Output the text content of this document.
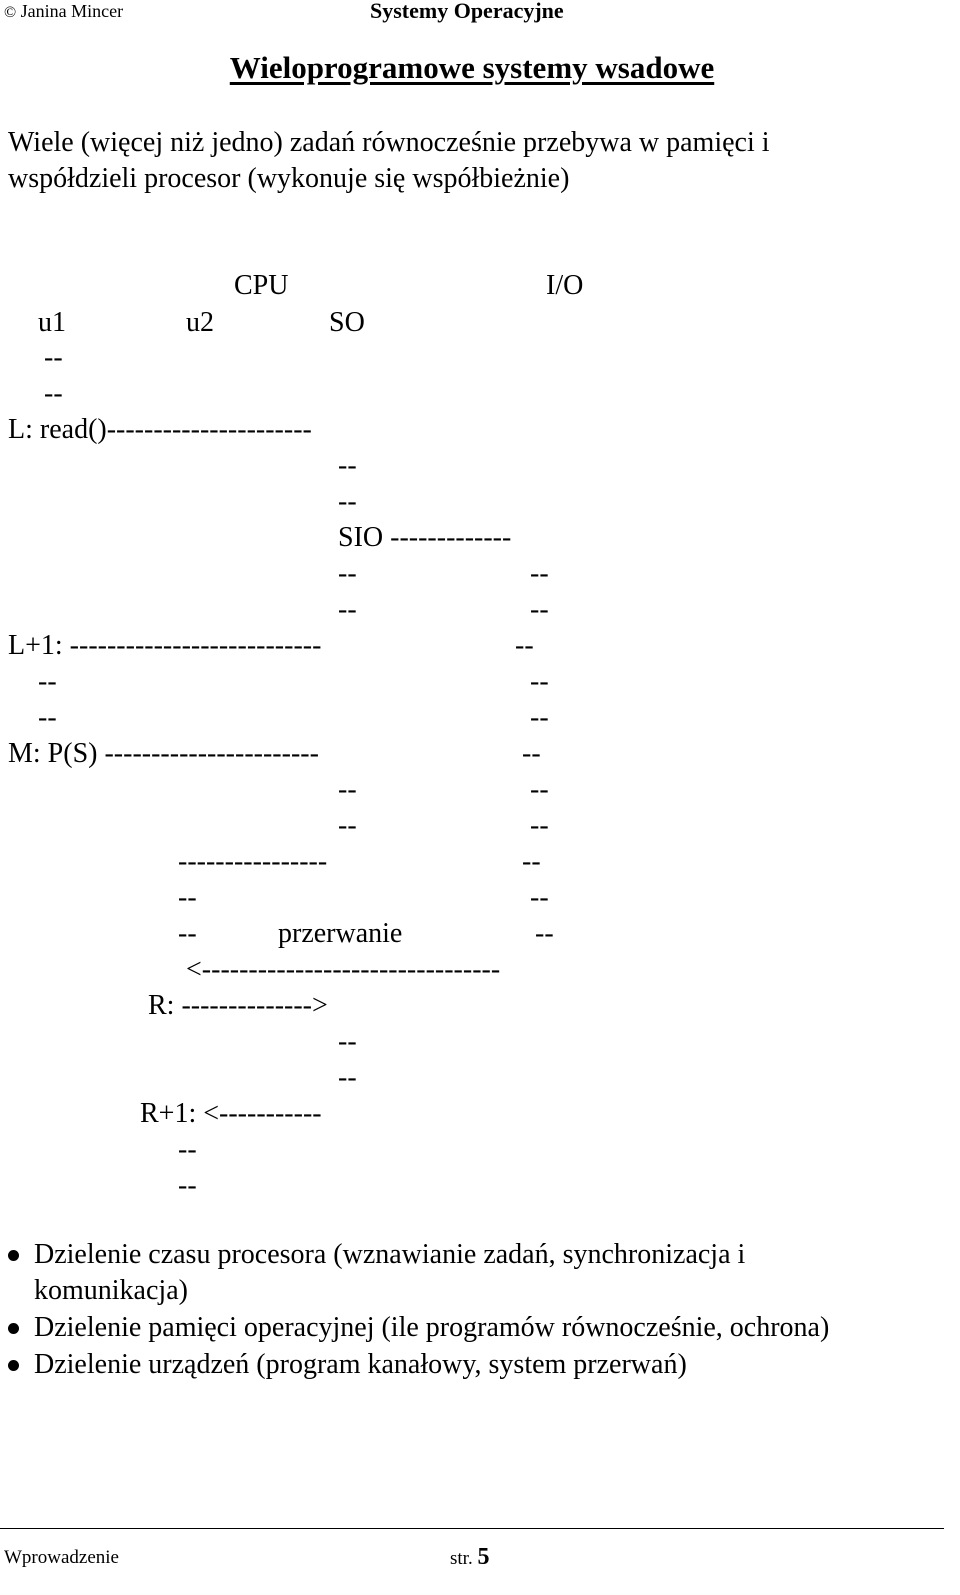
© Janina Mincer	Systemy Operacyjne
Wieloprogramowe systemy wsadowe
Wiele (więcej niż jedno) zadań równocześnie przebywa w pamięci i
współdzieli procesor (wykonuje się współbieżnie)
CPU	I/O
u1	u2	SO
--
--
L: read()----------------------
--
--
SIO -------------
--	--
--	--
L+1: ---------------------------	--
--	--
--	--
M: P(S) -----------------------	--
--	--
--	--
----------------	--
--	--
--	przerwanie	--
<--------------------------------
R: -------------->
--
--
R+1: <-----------
--
--

Dzielenie czasu procesora (wznawianie zadań, synchronizacja i

komunikacja)

Dzielenie pamięci operacyjnej (ile programów równocześnie, ochrona)

Dzielenie urządzeń (program kanałowy, system przerwań)

Wprowadzenie	str. 5
